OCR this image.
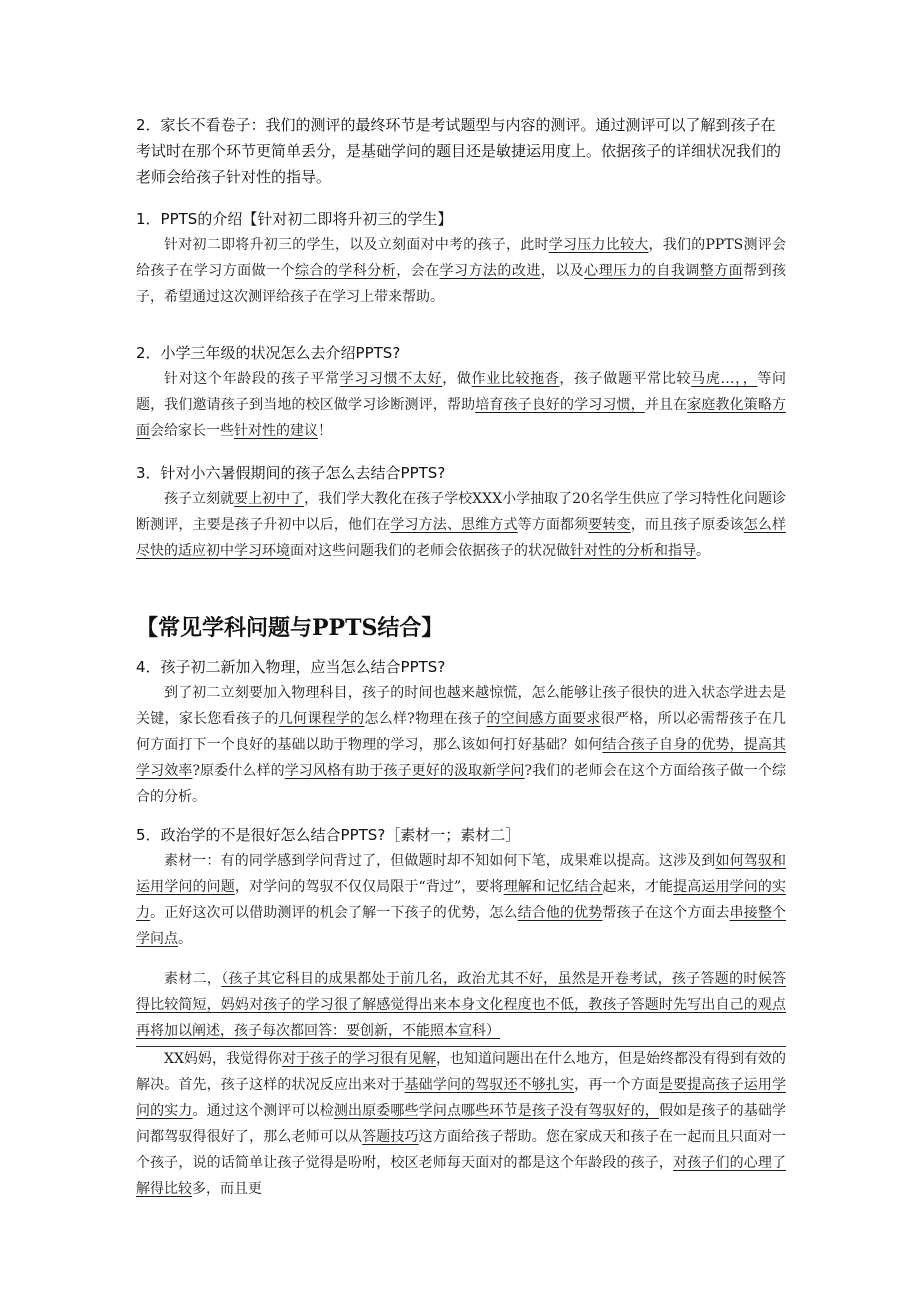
2．家长不看卷子：我们的测评的最终环节是考试题型与内容的测评。通过测评可以了解到孩子在考试时在那个环节更简单丢分，是基础学问的题目还是敏捷运用度上。依据孩子的详细状况我们的老师会给孩子针对性的指导。

1．PPTS的介绍【针对初二即将升初三的学生】

针对初二即将升初三的学生，以及立刻面对中考的孩子，此时学习压力比较大，我们的PPTS测评会给孩子在学习方面做一个综合的学科分析，会在学习方法的改进，以及心理压力的自我调整方面帮到孩子，希望通过这次测评给孩子在学习上带来帮助。

2．小学三年级的状况怎么去介绍PPTS?

针对这个年龄段的孩子平常学习习惯不太好，做作业比较拖沓，孩子做题平常比较马虎…，，等问题，我们邀请孩子到当地的校区做学习诊断测评，帮助培育孩子良好的学习习惯，并且在家庭教化策略方面会给家长一些针对性的建议！

3．针对小六暑假期间的孩子怎么去结合PPTS?

孩子立刻就要上初中了，我们学大教化在孩子学校XXX小学抽取了20名学生供应了学习特性化问题诊断测评，主要是孩子升初中以后，他们在学习方法、思维方式等方面都须要转变，而且孩子原委该怎么样尽快的适应初中学习环境面对这些问题我们的老师会依据孩子的状况做针对性的分析和指导。

【常见学科问题与PPTS结合】
4．孩子初二新加入物理，应当怎么结合PPTS?

到了初二立刻要加入物理科目，孩子的时间也越来越惊慌，怎么能够让孩子很快的进入状态学进去是关键，家长您看孩子的几何课程学的怎么样?物理在孩子的空间感方面要求很严格，所以必需帮孩子在几何方面打下一个良好的基础以助于物理的学习，那么该如何打好基础？如何结合孩子自身的优势，提高其学习效率?原委什么样的学习风格有助于孩子更好的汲取新学问?我们的老师会在这个方面给孩子做一个综合的分析。

5．政治学的不是很好怎么结合PPTS?［素材一；素材二］

素材一：有的同学感到学问背过了，但做题时却不知如何下笔，成果难以提高。这涉及到如何驾驭和运用学问的问题，对学问的驾驭不仅仅局限于“背过”，要将理解和记忆结合起来，才能提高运用学问的实力。正好这次可以借助测评的机会了解一下孩子的优势，怎么结合他的优势帮孩子在这个方面去串接整个学问点。

素材二，（孩子其它科目的成果都处于前几名，政治尤其不好，虽然是开卷考试，孩子答题的时候答得比较简短，妈妈对孩子的学习很了解感觉得出来本身文化程度也不低，教孩子答题时先写出自己的观点再将加以阐述，孩子每次都回答：要创新，不能照本宣科）

XX妈妈，我觉得你对于孩子的学习很有见解，也知道问题出在什么地方，但是始终都没有得到有效的解决。首先，孩子这样的状况反应出来对于基础学问的驾驭还不够扎实，再一个方面是要提高孩子运用学问的实力。通过这个测评可以检测出原委哪些学问点哪些环节是孩子没有驾驭好的，假如是孩子的基础学问都驾驭得很好了，那么老师可以从答题技巧这方面给孩子帮助。您在家成天和孩子在一起而且只面对一个孩子，说的话简单让孩子觉得是吩咐，校区老师每天面对的都是这个年龄段的孩子，对孩子们的心理了解得比较多，而且更
